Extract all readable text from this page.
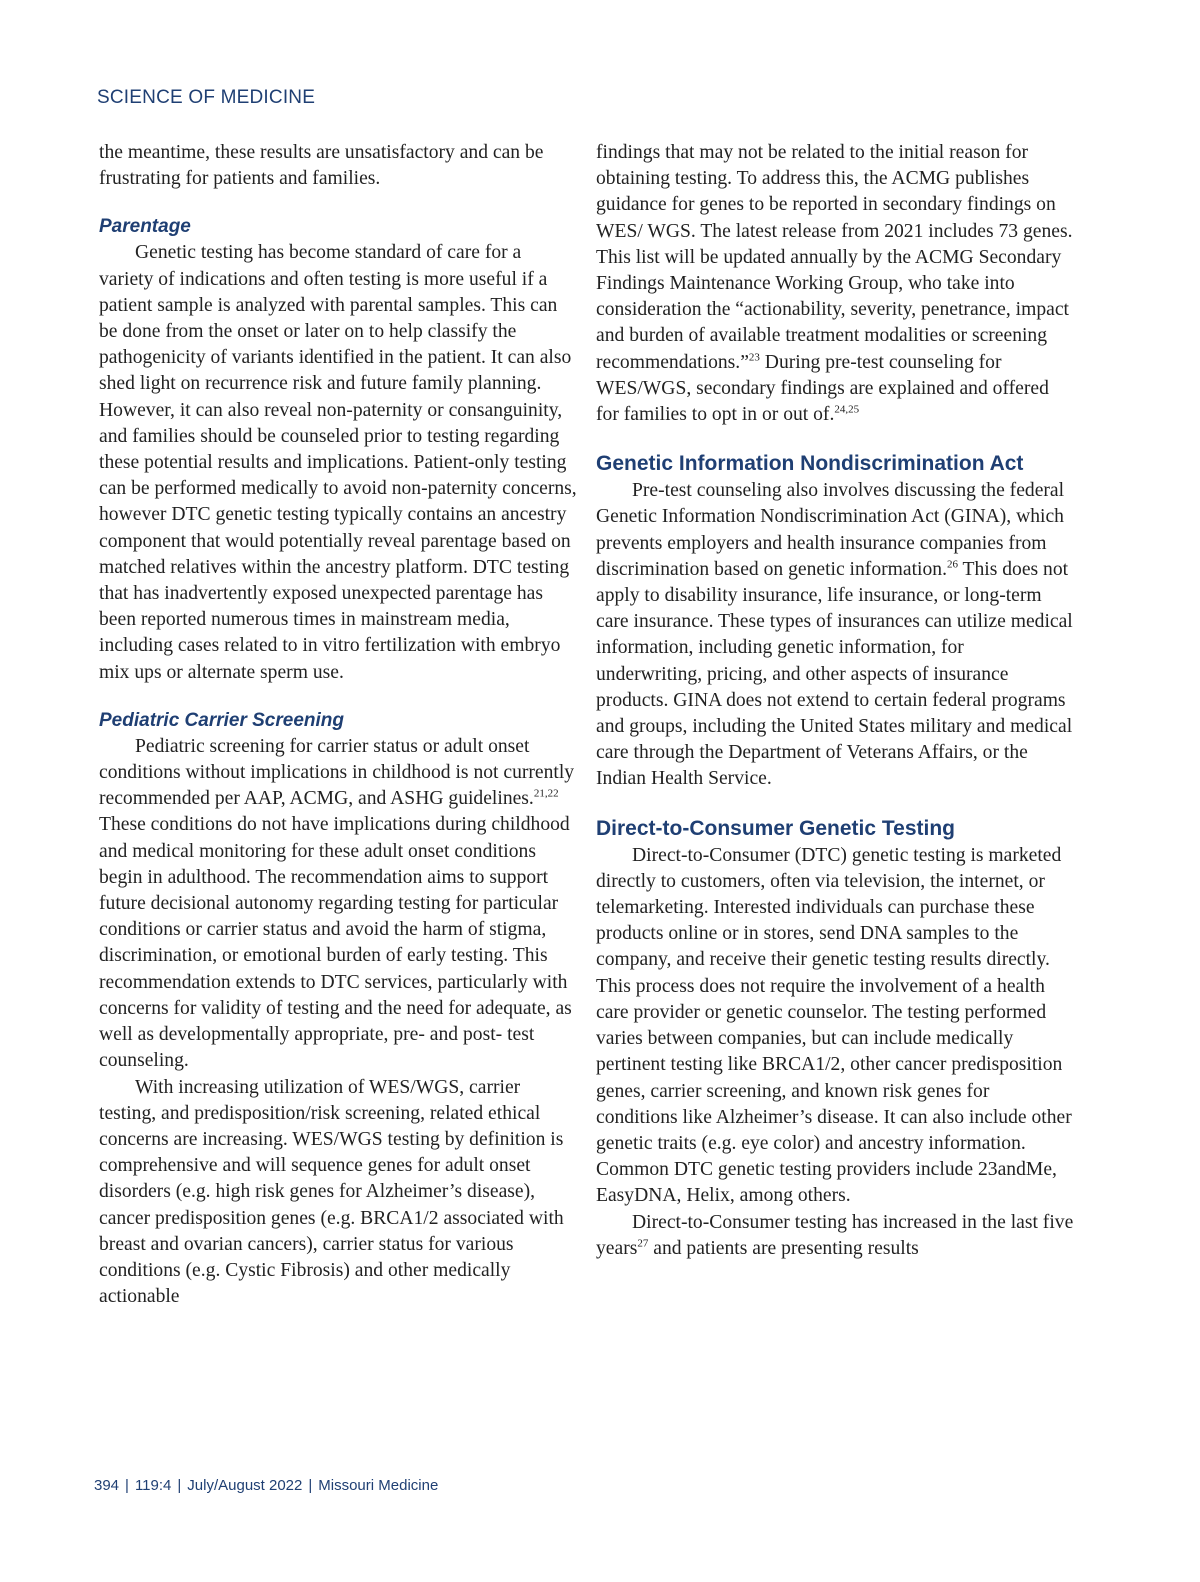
SCIENCE OF MEDICINE

the meantime, these results are unsatisfactory and can be frustrating for patients and families.

Parentage

Genetic testing has become standard of care for a variety of indications and often testing is more useful if a patient sample is analyzed with parental samples. This can be done from the onset or later on to help classify the pathogenicity of variants identified in the patient. It can also shed light on recurrence risk and future family planning. However, it can also reveal non-paternity or consanguinity, and families should be counseled prior to testing regarding these potential results and implications. Patient-only testing can be performed medically to avoid non-paternity concerns, however DTC genetic testing typically contains an ancestry component that would potentially reveal parentage based on matched relatives within the ancestry platform. DTC testing that has inadvertently exposed unexpected parentage has been reported numerous times in mainstream media, including cases related to in vitro fertilization with embryo mix ups or alternate sperm use.

Pediatric Carrier Screening

Pediatric screening for carrier status or adult onset conditions without implications in childhood is not currently recommended per AAP, ACMG, and ASHG guidelines.$^{21,22}$ These conditions do not have implications during childhood and medical monitoring for these adult onset conditions begin in adulthood. The recommendation aims to support future decisional autonomy regarding testing for particular conditions or carrier status and avoid the harm of stigma, discrimination, or emotional burden of early testing. This recommendation extends to DTC services, particularly with concerns for validity of testing and the need for adequate, as well as developmentally appropriate, pre- and post- test counseling.

With increasing utilization of WES/WGS, carrier testing, and predisposition/risk screening, related ethical concerns are increasing. WES/WGS testing by definition is comprehensive and will sequence genes for adult onset disorders (e.g. high risk genes for Alzheimer’s disease), cancer predisposition genes (e.g. BRCA1/2 associated with breast and ovarian cancers), carrier status for various conditions (e.g. Cystic Fibrosis) and other medically actionable

findings that may not be related to the initial reason for obtaining testing. To address this, the ACMG publishes guidance for genes to be reported in secondary findings on WES/ WGS. The latest release from 2021 includes 73 genes. This list will be updated annually by the ACMG Secondary Findings Maintenance Working Group, who take into consideration the “actionability, severity, penetrance, impact and burden of available treatment modalities or screening recommendations.”$^{23}$ During pre-test counseling for WES/WGS, secondary findings are explained and offered for families to opt in or out of.$^{24,25}$

Genetic Information Nondiscrimination Act

Pre-test counseling also involves discussing the federal Genetic Information Nondiscrimination Act (GINA), which prevents employers and health insurance companies from discrimination based on genetic information.$^{26}$ This does not apply to disability insurance, life insurance, or long-term care insurance. These types of insurances can utilize medical information, including genetic information, for underwriting, pricing, and other aspects of insurance products. GINA does not extend to certain federal programs and groups, including the United States military and medical care through the Department of Veterans Affairs, or the Indian Health Service.

Direct-to-Consumer Genetic Testing

Direct-to-Consumer (DTC) genetic testing is marketed directly to customers, often via television, the internet, or telemarketing. Interested individuals can purchase these products online or in stores, send DNA samples to the company, and receive their genetic testing results directly. This process does not require the involvement of a health care provider or genetic counselor. The testing performed varies between companies, but can include medically pertinent testing like BRCA1/2, other cancer predisposition genes, carrier screening, and known risk genes for conditions like Alzheimer’s disease. It can also include other genetic traits (e.g. eye color) and ancestry information. Common DTC genetic testing providers include 23andMe, EasyDNA, Helix, among others.

Direct-to-Consumer testing has increased in the last five years$^{27}$ and patients are presenting results

394 | 119:4 | July/August 2022 | Missouri Medicine
